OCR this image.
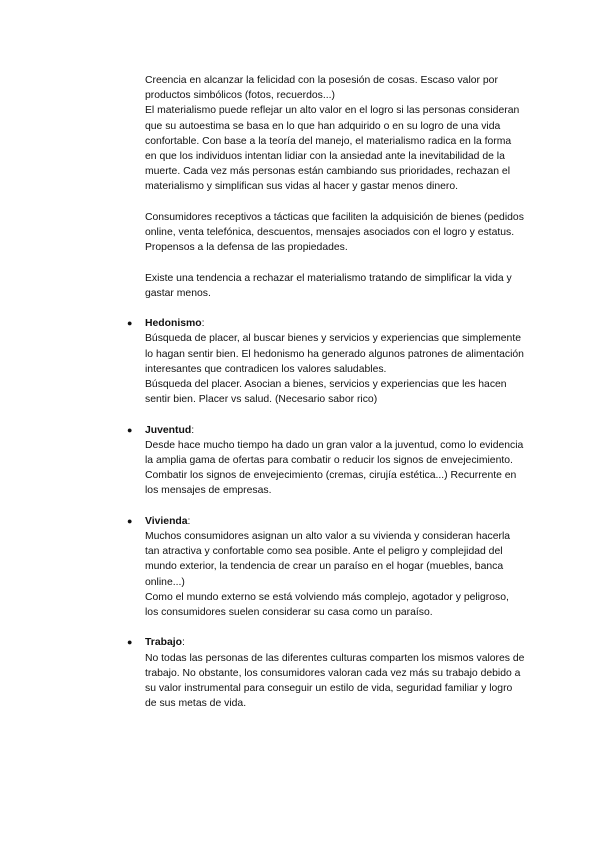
Creencia en alcanzar la felicidad con la posesión de cosas. Escaso valor por productos simbólicos (fotos, recuerdos...)

El materialismo puede reflejar un alto valor en el logro si las personas consideran que su autoestima se basa en lo que han adquirido o en su logro de una vida confortable. Con base a la teoría del manejo, el materialismo radica en la forma en que los individuos intentan lidiar con la ansiedad ante la inevitabilidad de la muerte. Cada vez más personas están cambiando sus prioridades, rechazan el materialismo y simplifican sus vidas al hacer y gastar menos dinero.

Consumidores receptivos a tácticas que faciliten la adquisición de bienes (pedidos online, venta telefónica, descuentos, mensajes asociados con el logro y estatus. Propensos a la defensa de las propiedades.

Existe una tendencia a rechazar el materialismo tratando de simplificar la vida y gastar menos.

● Hedonismo:

Búsqueda de placer, al buscar bienes y servicios y experiencias que simplemente lo hagan sentir bien. El hedonismo ha generado algunos patrones de alimentación interesantes que contradicen los valores saludables.

Búsqueda del placer. Asocian a bienes, servicios y experiencias que les hacen sentir bien. Placer vs salud. (Necesario sabor rico)

● Juventud:

Desde hace mucho tiempo ha dado un gran valor a la juventud, como lo evidencia la amplia gama de ofertas para combatir o reducir los signos de envejecimiento.

Combatir los signos de envejecimiento (cremas, cirujía estética...) Recurrente en los mensajes de empresas.

● Vivienda:

Muchos consumidores asignan un alto valor a su vivienda y consideran hacerla tan atractiva y confortable como sea posible. Ante el peligro y complejidad del mundo exterior, la tendencia de crear un paraíso en el hogar (muebles, banca online...)

Como el mundo externo se está volviendo más complejo, agotador y peligroso, los consumidores suelen considerar su casa como un paraíso.

● Trabajo:

No todas las personas de las diferentes culturas comparten los mismos valores de trabajo. No obstante, los consumidores valoran cada vez más su trabajo debido a su valor instrumental para conseguir un estilo de vida, seguridad familiar y logro de sus metas de vida.
